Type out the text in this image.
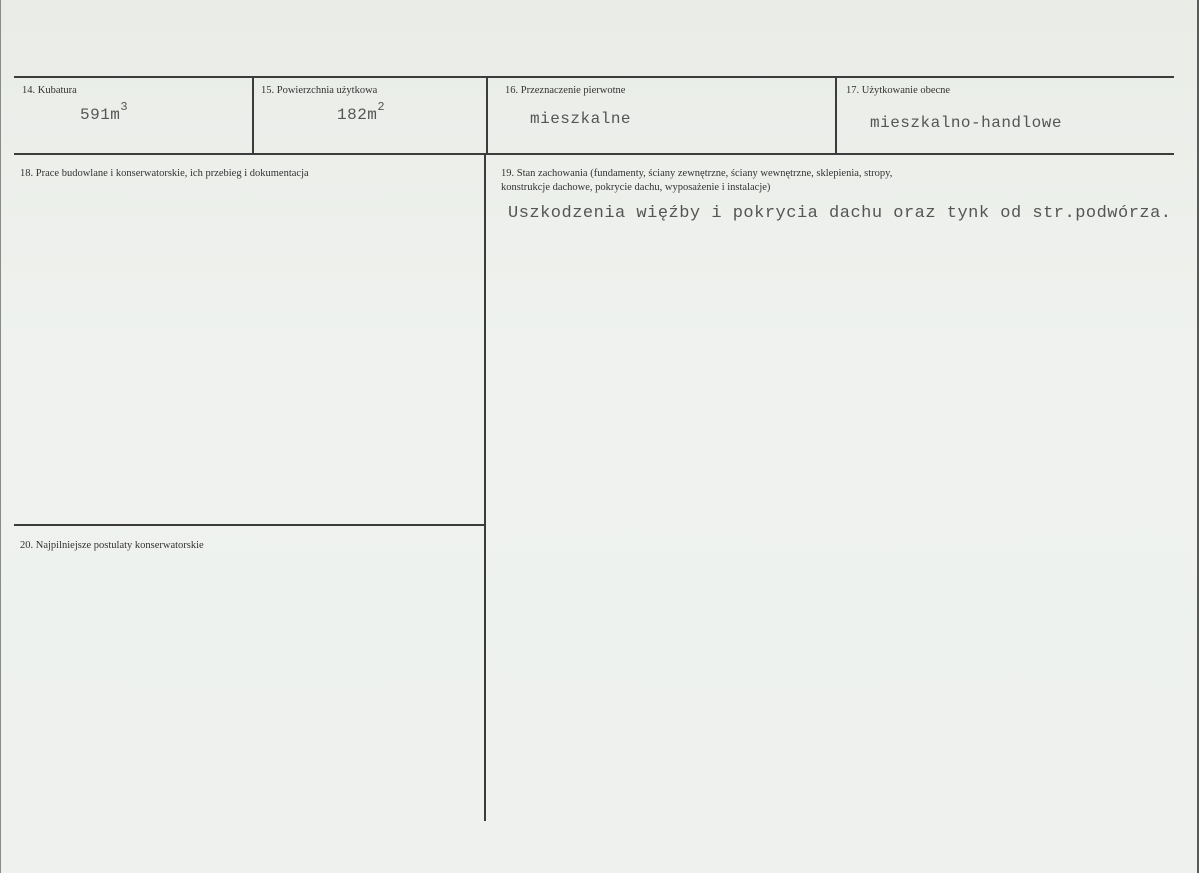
14. Kubatura
$591m^3$
15. Powierzchnia użytkowa
$182m^2$
16. Przeznaczenie pierwotne
mieszkalne
17. Użytkowanie obecne
mieszkalno-handlowe
18. Prace budowlane i konserwatorskie, ich przebieg i dokumentacja	19. Stan zachowania (fundamenty, ściany zewnętrzne, ściany wewnętrzne, sklepienia, stropy,
konstrukcje dachowe, pokrycie dachu, wyposażenie i instalacje)
Uszkodzenia więźby i pokrycia dachu oraz tynk od str.podwórza.
20. Najpilniejsze postulaty konserwatorskie
